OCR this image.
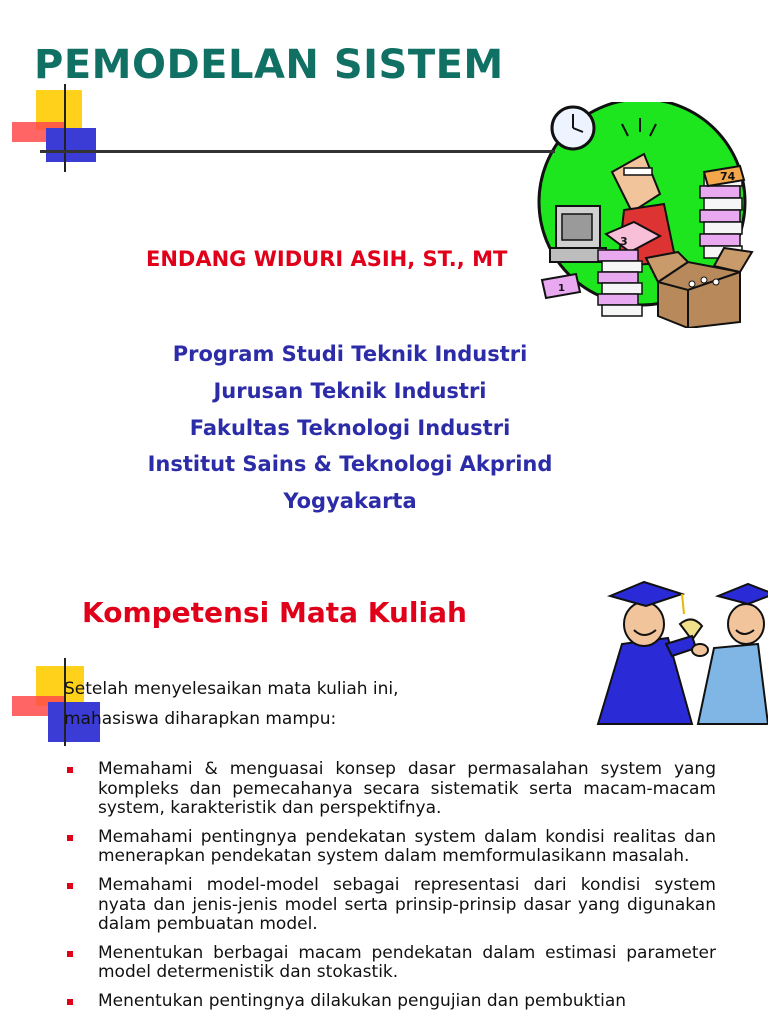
PEMODELAN SISTEM
3
1
74
ENDANG WIDURI ASIH, ST., MT
Program Studi Teknik Industri
Jurusan Teknik Industri
Fakultas Teknologi Industri
Institut Sains & Teknologi Akprind
Yogyakarta
Kompetensi Mata Kuliah
Setelah menyelesaikan mata kuliah ini,
mahasiswa diharapkan mampu:
Memahami & menguasai konsep dasar permasalahan system yang kompleks dan pemecahanya secara sistematik serta macam-macam system, karakteristik dan perspektifnya.
Memahami pentingnya pendekatan system dalam kondisi realitas dan menerapkan pendekatan system dalam memformulasikann masalah.
Memahami model-model sebagai representasi dari kondisi system nyata dan jenis-jenis model serta prinsip-prinsip dasar yang digunakan dalam pembuatan model.
Menentukan berbagai macam pendekatan dalam estimasi parameter model determenistik dan stokastik.
Menentukan pentingnya dilakukan pengujian dan pembuktian
